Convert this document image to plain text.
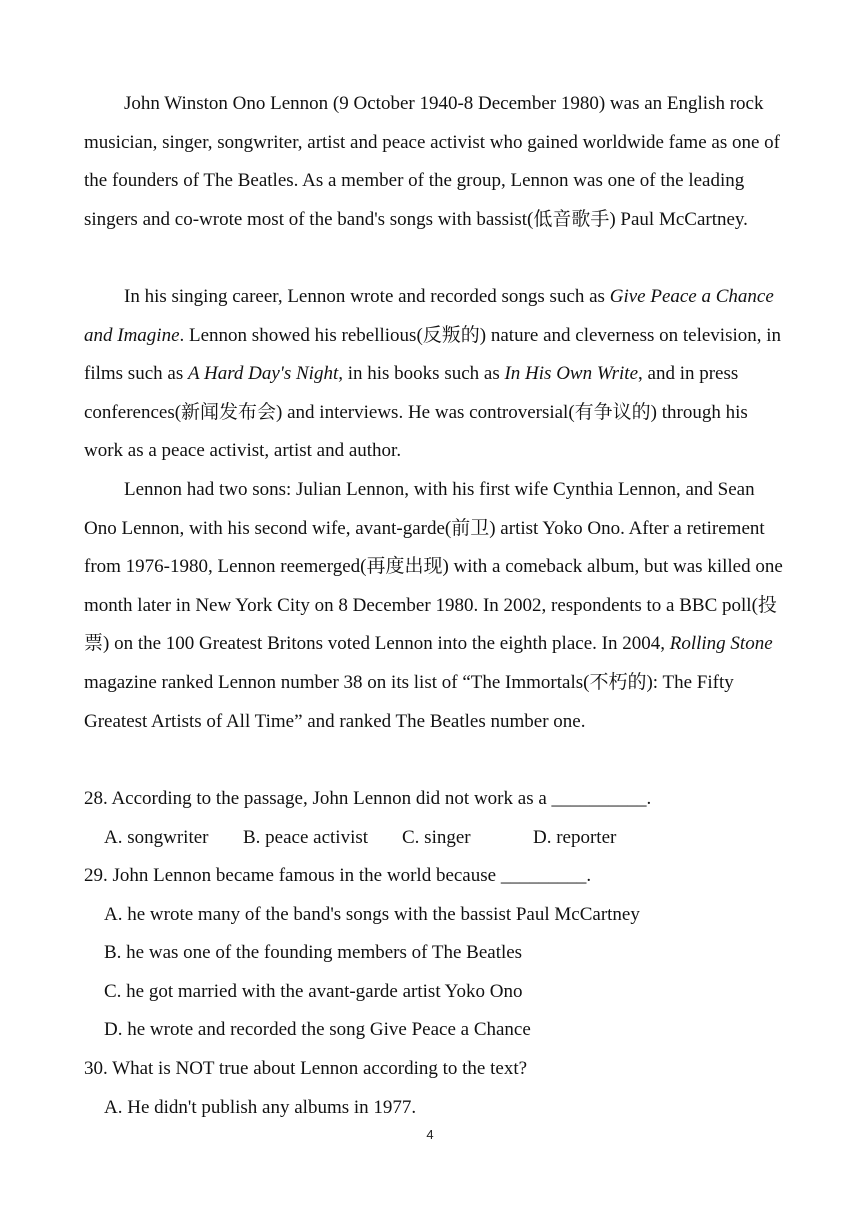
John Winston Ono Lennon (9 October 1940-8 December 1980) was an English rock musician, singer, songwriter, artist and peace activist who gained worldwide fame as one of the founders of The Beatles. As a member of the group, Lennon was one of the leading singers and co-wrote most of the band's songs with bassist(低音歌手) Paul McCartney.

In his singing career, Lennon wrote and recorded songs such as Give Peace a Chance and Imagine. Lennon showed his rebellious(反叛的) nature and cleverness on television, in films such as A Hard Day's Night, in his books such as In His Own Write, and in press conferences(新闻发布会) and interviews. He was controversial(有争议的) through his work as a peace activist, artist and author.

Lennon had two sons: Julian Lennon, with his first wife Cynthia Lennon, and Sean Ono Lennon, with his second wife, avant-garde(前卫) artist Yoko Ono. After a retirement from 1976-1980, Lennon reemerged(再度出现) with a comeback album, but was killed one month later in New York City on 8 December 1980. In 2002, respondents to a BBC poll(投票) on the 100 Greatest Britons voted Lennon into the eighth place. In 2004, Rolling Stone magazine ranked Lennon number 38 on its list of “The Immortals(不朽的): The Fifty Greatest Artists of All Time” and ranked The Beatles number one.

28. According to the passage, John Lennon did not work as a __________.
A. songwriter B. peace activist C. singer	D. reporter
29. John Lennon became famous in the world because _________.
A. he wrote many of the band's songs with the bassist Paul McCartney
B. he was one of the founding members of The Beatles
C. he got married with the avant-garde artist Yoko Ono
D. he wrote and recorded the song Give Peace a Chance
30. What is NOT true about Lennon according to the text?
A. He didn't publish any albums in 1977.
4
